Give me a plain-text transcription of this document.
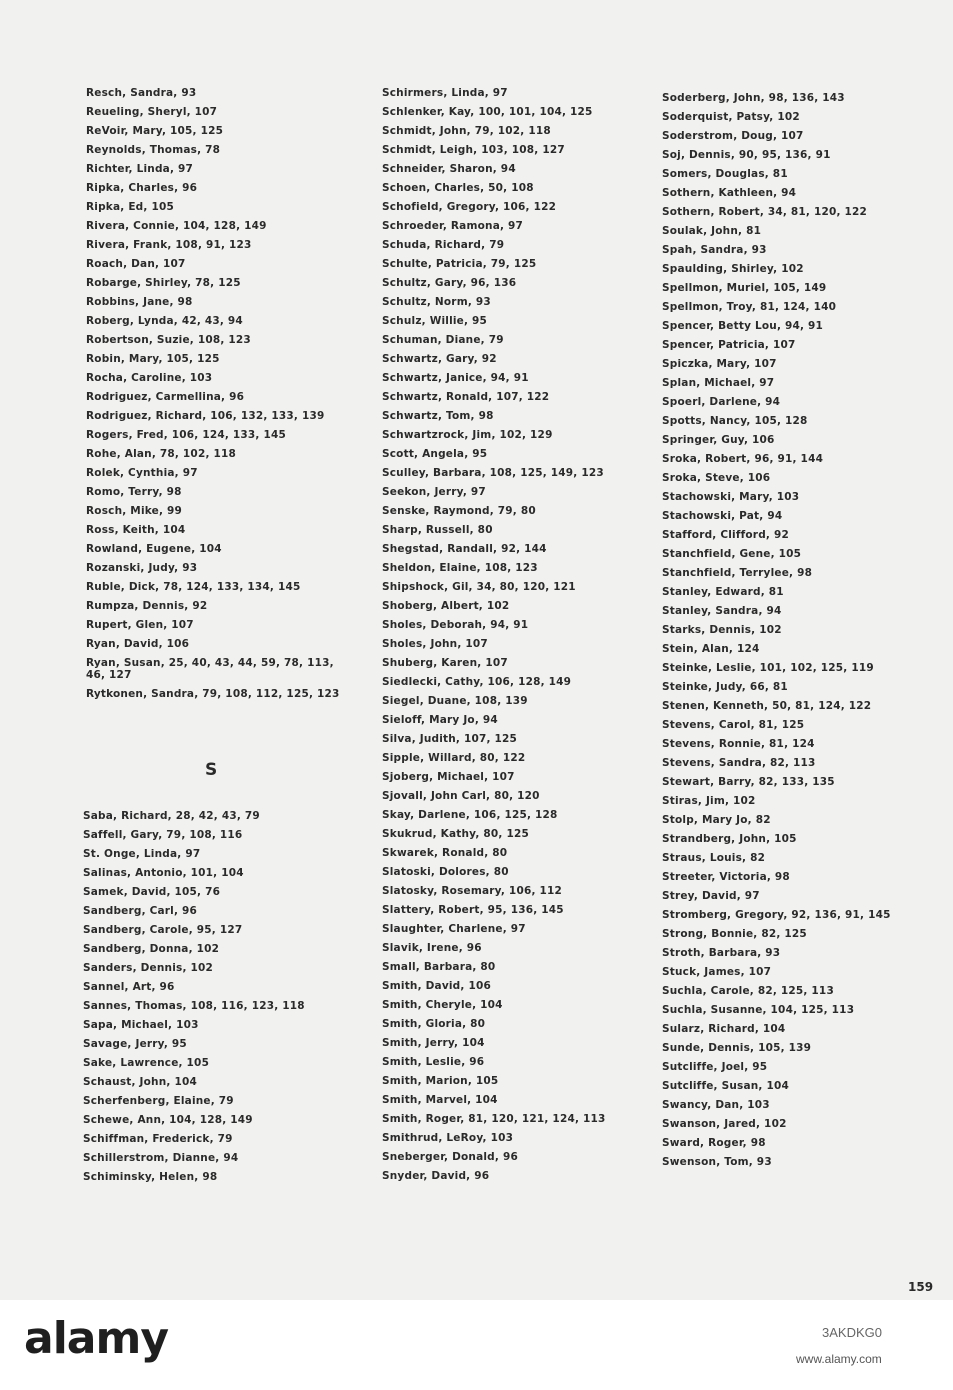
Resch, Sandra, 93
Reueling, Sheryl, 107
ReVoir, Mary, 105, 125
Reynolds, Thomas, 78
Richter, Linda, 97
Ripka, Charles, 96
Ripka, Ed, 105
Rivera, Connie, 104, 128, 149
Rivera, Frank, 108, 91, 123
Roach, Dan, 107
Robarge, Shirley, 78, 125
Robbins, Jane, 98
Roberg, Lynda, 42, 43, 94
Robertson, Suzie, 108, 123
Robin, Mary, 105, 125
Rocha, Caroline, 103
Rodriguez, Carmellina, 96
Rodriguez, Richard, 106, 132, 133, 139
Rogers, Fred, 106, 124, 133, 145
Rohe, Alan, 78, 102, 118
Rolek, Cynthia, 97
Romo, Terry, 98
Rosch, Mike, 99
Ross, Keith, 104
Rowland, Eugene, 104
Rozanski, Judy, 93
Ruble, Dick, 78, 124, 133, 134, 145
Rumpza, Dennis, 92
Rupert, Glen, 107
Ryan, David, 106
Ryan, Susan, 25, 40, 43, 44, 59, 78, 113, 46, 127
Rytkonen, Sandra, 79, 108, 112, 125, 123
S
Saba, Richard, 28, 42, 43, 79
Saffell, Gary, 79, 108, 116
St. Onge, Linda, 97
Salinas, Antonio, 101, 104
Samek, David, 105, 76
Sandberg, Carl, 96
Sandberg, Carole, 95, 127
Sandberg, Donna, 102
Sanders, Dennis, 102
Sannel, Art, 96
Sannes, Thomas, 108, 116, 123, 118
Sapa, Michael, 103
Savage, Jerry, 95
Sake, Lawrence, 105
Schaust, John, 104
Scherfenberg, Elaine, 79
Schewe, Ann, 104, 128, 149
Schiffman, Frederick, 79
Schillerstrom, Dianne, 94
Schiminsky, Helen, 98
Schirmers, Linda, 97
Schlenker, Kay, 100, 101, 104, 125
Schmidt, John, 79, 102, 118
Schmidt, Leigh, 103, 108, 127
Schneider, Sharon, 94
Schoen, Charles, 50, 108
Schofield, Gregory, 106, 122
Schroeder, Ramona, 97
Schuda, Richard, 79
Schulte, Patricia, 79, 125
Schultz, Gary, 96, 136
Schultz, Norm, 93
Schulz, Willie, 95
Schuman, Diane, 79
Schwartz, Gary, 92
Schwartz, Janice, 94, 91
Schwartz, Ronald, 107, 122
Schwartz, Tom, 98
Schwartzrock, Jim, 102, 129
Scott, Angela, 95
Sculley, Barbara, 108, 125, 149, 123
Seekon, Jerry, 97
Senske, Raymond, 79, 80
Sharp, Russell, 80
Shegstad, Randall, 92, 144
Sheldon, Elaine, 108, 123
Shipshock, Gil, 34, 80, 120, 121
Shoberg, Albert, 102
Sholes, Deborah, 94, 91
Sholes, John, 107
Shuberg, Karen, 107
Siedlecki, Cathy, 106, 128, 149
Siegel, Duane, 108, 139
Sieloff, Mary Jo, 94
Silva, Judith, 107, 125
Sipple, Willard, 80, 122
Sjoberg, Michael, 107
Sjovall, John Carl, 80, 120
Skay, Darlene, 106, 125, 128
Skukrud, Kathy, 80, 125
Skwarek, Ronald, 80
Slatoski, Dolores, 80
Slatosky, Rosemary, 106, 112
Slattery, Robert, 95, 136, 145
Slaughter, Charlene, 97
Slavik, Irene, 96
Small, Barbara, 80
Smith, David, 106
Smith, Cheryle, 104
Smith, Gloria, 80
Smith, Jerry, 104
Smith, Leslie, 96
Smith, Marion, 105
Smith, Marvel, 104
Smith, Roger, 81, 120, 121, 124, 113
Smithrud, LeRoy, 103
Sneberger, Donald, 96
Snyder, David, 96
Soderberg, John, 98, 136, 143
Soderquist, Patsy, 102
Soderstrom, Doug, 107
Soj, Dennis, 90, 95, 136, 91
Somers, Douglas, 81
Sothern, Kathleen, 94
Sothern, Robert, 34, 81, 120, 122
Soulak, John, 81
Spah, Sandra, 93
Spaulding, Shirley, 102
Spellmon, Muriel, 105, 149
Spellmon, Troy, 81, 124, 140
Spencer, Betty Lou, 94, 91
Spencer, Patricia, 107
Spiczka, Mary, 107
Splan, Michael, 97
Spoerl, Darlene, 94
Spotts, Nancy, 105, 128
Springer, Guy, 106
Sroka, Robert, 96, 91, 144
Sroka, Steve, 106
Stachowski, Mary, 103
Stachowski, Pat, 94
Stafford, Clifford, 92
Stanchfield, Gene, 105
Stanchfield, Terrylee, 98
Stanley, Edward, 81
Stanley, Sandra, 94
Starks, Dennis, 102
Stein, Alan, 124
Steinke, Leslie, 101, 102, 125, 119
Steinke, Judy, 66, 81
Stenen, Kenneth, 50, 81, 124, 122
Stevens, Carol, 81, 125
Stevens, Ronnie, 81, 124
Stevens, Sandra, 82, 113
Stewart, Barry, 82, 133, 135
Stiras, Jim, 102
Stolp, Mary Jo, 82
Strandberg, John, 105
Straus, Louis, 82
Streeter, Victoria, 98
Strey, David, 97
Stromberg, Gregory, 92, 136, 91, 145
Strong, Bonnie, 82, 125
Stroth, Barbara, 93
Stuck, James, 107
Suchla, Carole, 82, 125, 113
Suchla, Susanne, 104, 125, 113
Sularz, Richard, 104
Sunde, Dennis, 105, 139
Sutcliffe, Joel, 95
Sutcliffe, Susan, 104
Swancy, Dan, 103
Swanson, Jared, 102
Sward, Roger, 98
Swenson, Tom, 93
159
alamy	3AKDKG0
www.alamy.com
